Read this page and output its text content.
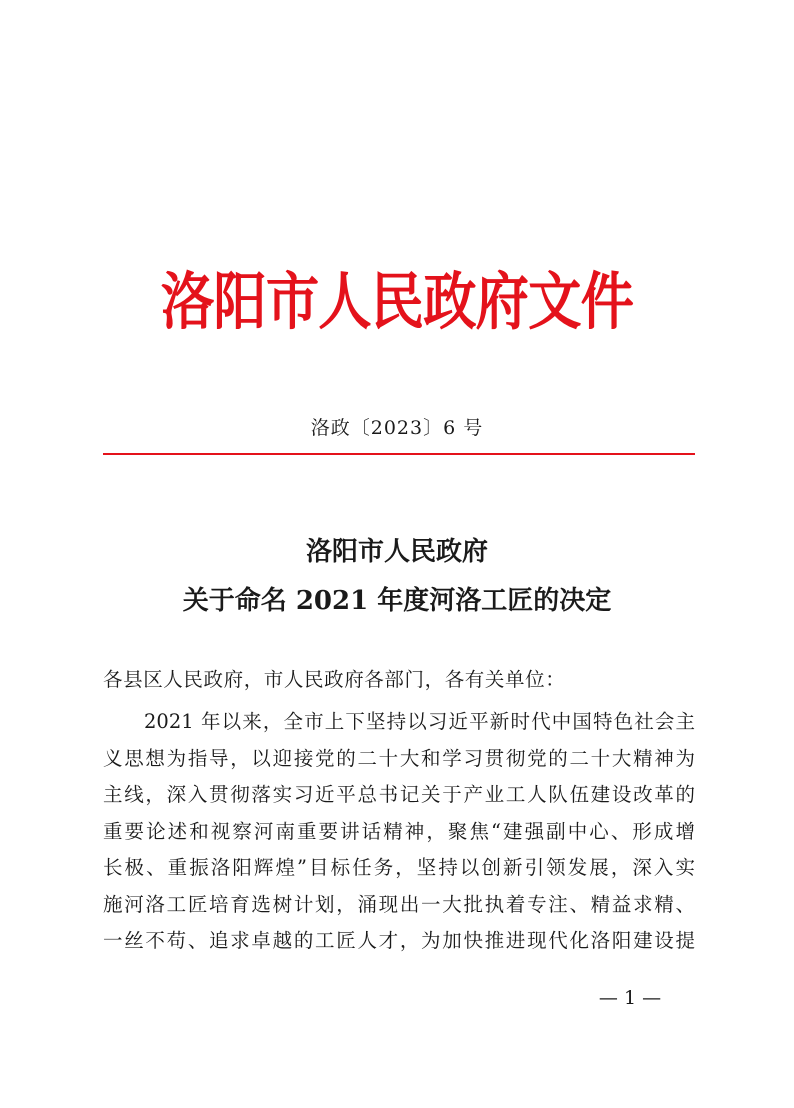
洛阳市人民政府文件
洛政〔2023〕6 号
洛阳市人民政府
关于命名 2021 年度河洛工匠的决定
各县区人民政府，市人民政府各部门，各有关单位：
2021 年以来，全市上下坚持以习近平新时代中国特色社会主
义思想为指导，以迎接党的二十大和学习贯彻党的二十大精神为
主线，深入贯彻落实习近平总书记关于产业工人队伍建设改革的
重要论述和视察河南重要讲话精神，聚焦“建强副中心、形成增
长极、重振洛阳辉煌”目标任务，坚持以创新引领发展，深入实
施河洛工匠培育选树计划，涌现出一大批执着专注、精益求精、
一丝不苟、追求卓越的工匠人才，为加快推进现代化洛阳建设提
— 1 —
